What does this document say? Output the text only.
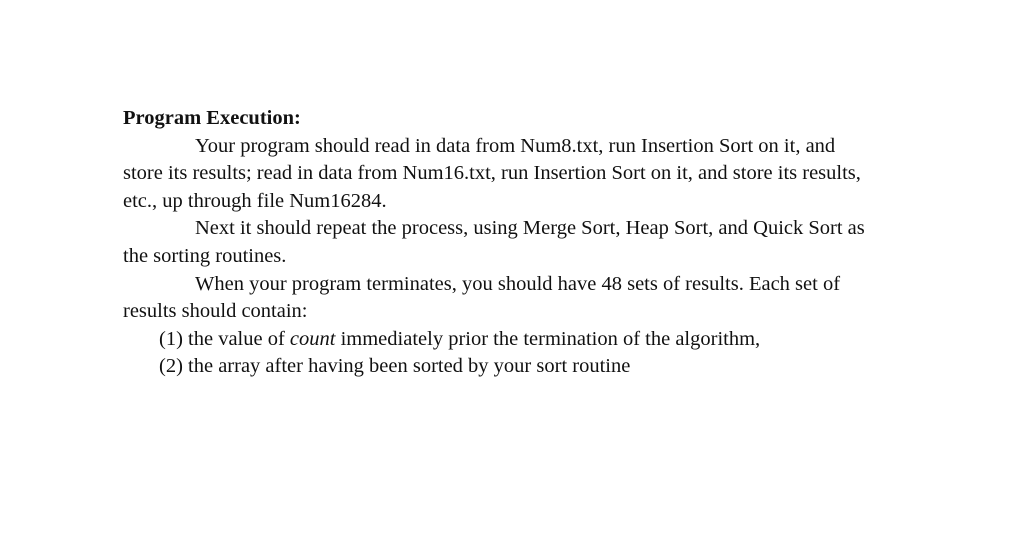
Program Execution:

Your program should read in data from Num8.txt, run Insertion Sort on it, and
store its results; read in data from Num16.txt, run Insertion Sort on it, and store its results,
etc., up through file Num16284.

Next it should repeat the process, using Merge Sort, Heap Sort, and Quick Sort as
the sorting routines.

When your program terminates, you should have 48 sets of results. Each set of
results should contain:

(1) the value of count immediately prior the termination of the algorithm,

(2) the array after having been sorted by your sort routine
